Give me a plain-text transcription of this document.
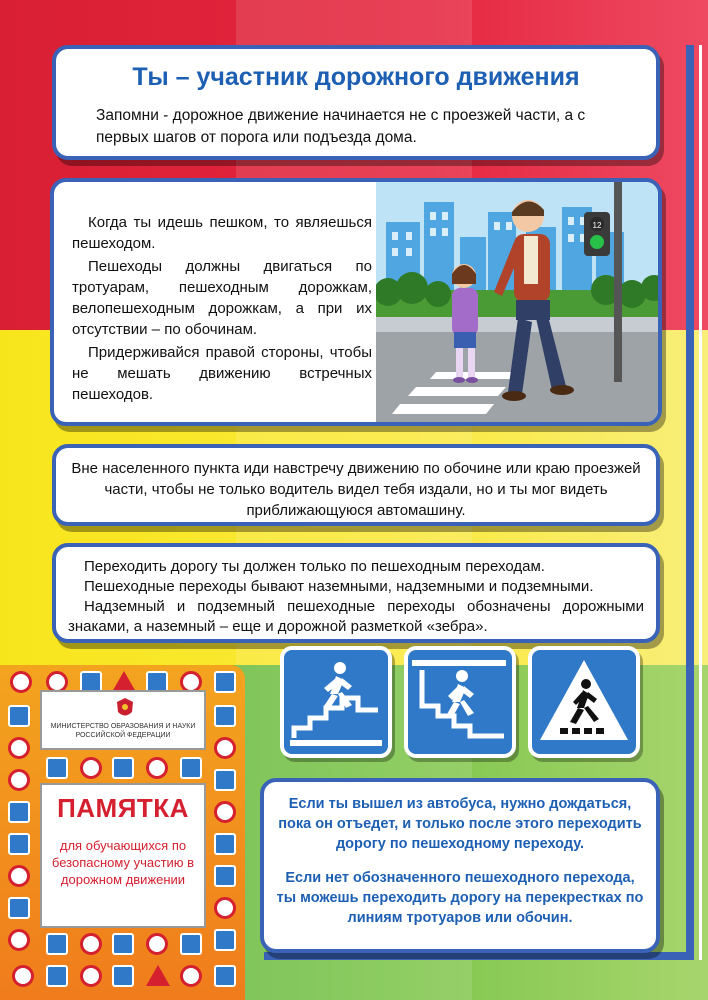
Ты – участник дорожного движения
Запомни - дорожное движение начинается не с проезжей части, а с первых шагов от порога или подъезда дома.

Когда ты идешь пешком, то являешься пешеходом.

Пешеходы должны двигаться по тротуарам, пешеходным дорожкам, велопешеходным дорожкам, а при их отсутствии – по обочинам.

Придерживайся правой стороны, чтобы не мешать движению встречных пешеходов.

12
Вне населенного пункта иди навстречу движению по обочине или краю проезжей части, чтобы не только водитель видел тебя издали, но и ты мог видеть приближающуюся автомашину.

Переходить дорогу ты должен только по пешеходным переходам.

Пешеходные переходы бывают наземными, надземными и подземными.

Надземный и подземный пешеходные переходы обозначены дорожными знаками, а наземный – еще и дорожной разметкой «зебра».

Если ты вышел из автобуса, нужно дождаться, пока он отъедет, и только после этого переходить дорогу по пешеходному переходу.

Если нет обозначенного пешеходного перехода, ты можешь переходить дорогу на перекрестках по линиям тротуаров или обочин.

МИНИСТЕРСТВО ОБРАЗОВАНИЯ И НАУКИ РОССИЙСКОЙ ФЕДЕРАЦИИ
ПАМЯТКА
для обучающихся по безопасному участию в дорожном движении
